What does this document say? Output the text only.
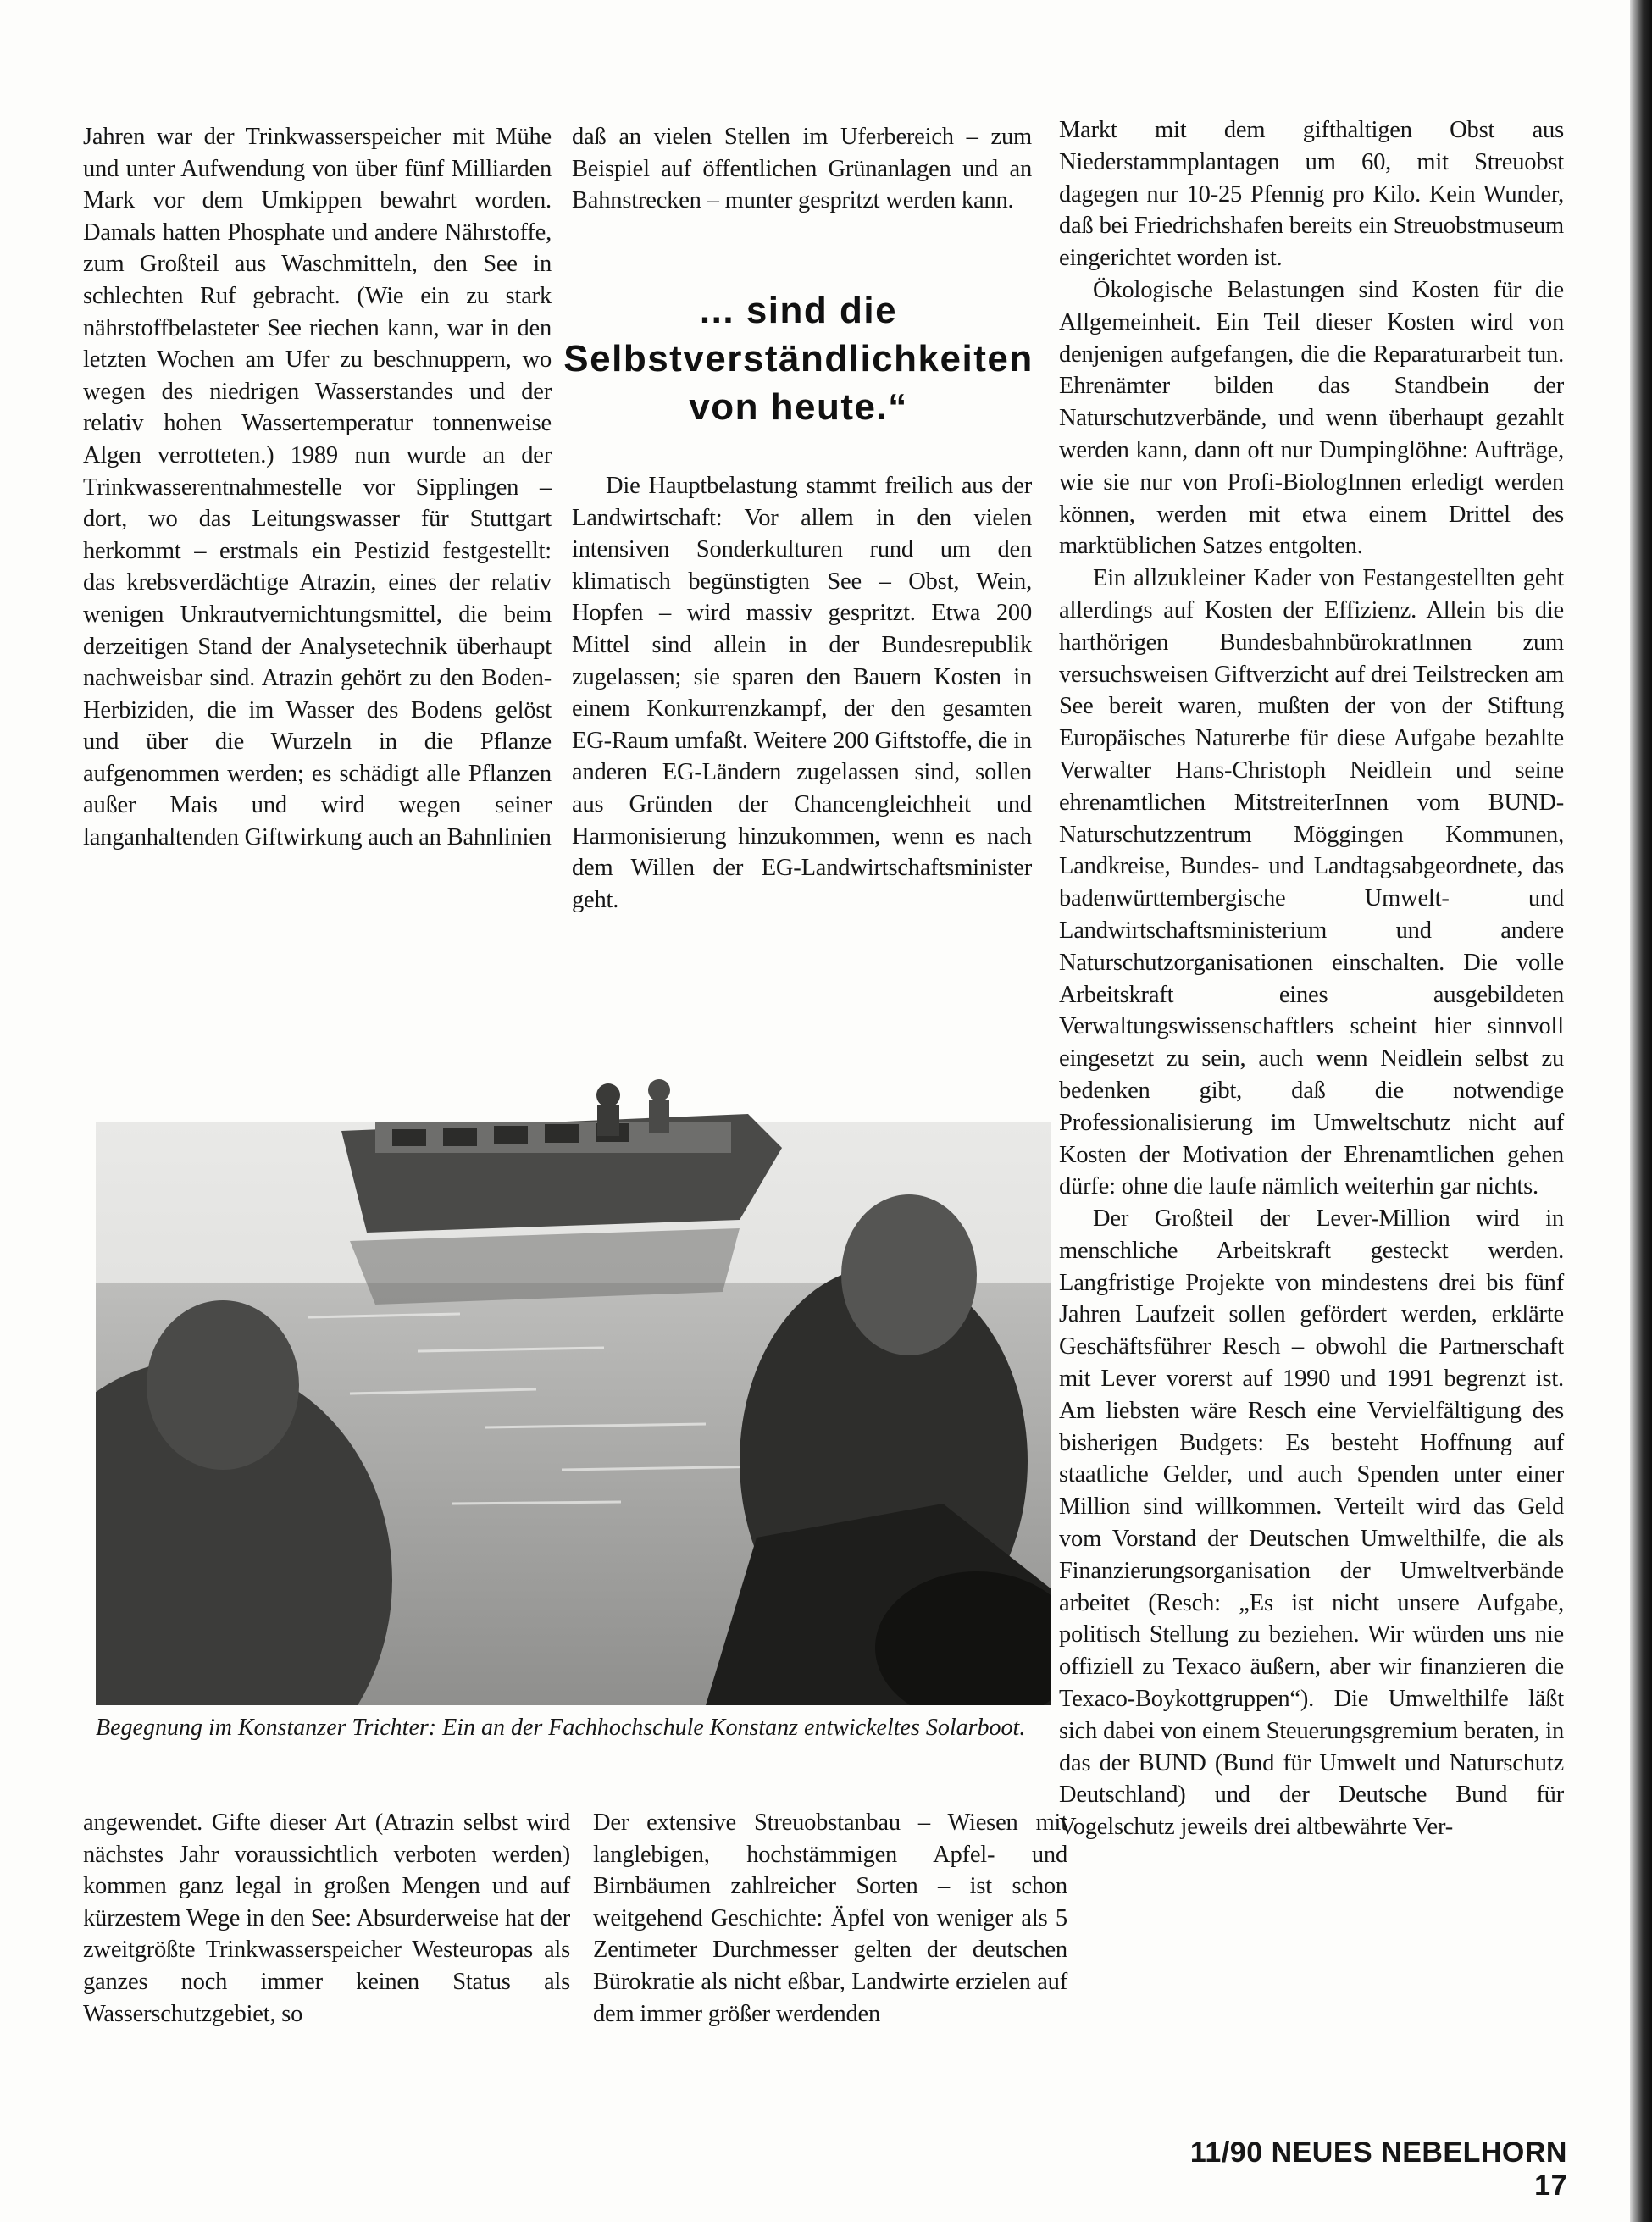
Jahren war der Trinkwasserspeicher mit Mühe und unter Aufwendung von über fünf Milliarden Mark vor dem Umkippen bewahrt worden. Damals hatten Phosphate und andere Nährstoffe, zum Großteil aus Waschmitteln, den See in schlechten Ruf gebracht. (Wie ein zu stark nährstoffbelasteter See riechen kann, war in den letzten Wochen am Ufer zu beschnuppern, wo wegen des niedrigen Wasserstandes und der relativ hohen Wassertemperatur tonnenweise Algen verrotteten.) 1989 nun wurde an der Trinkwasserentnahmestelle vor Sipplingen – dort, wo das Leitungswasser für Stuttgart herkommt – erstmals ein Pestizid festgestellt: das krebsverdächtige Atrazin, eines der relativ wenigen Unkrautvernichtungsmittel, die beim derzeitigen Stand der Analysetechnik überhaupt nachweisbar sind. Atrazin gehört zu den Boden-Herbiziden, die im Wasser des Bodens gelöst und über die Wurzeln in die Pflanze aufgenommen werden; es schädigt alle Pflanzen außer Mais und wird wegen seiner langanhaltenden Giftwirkung auch an Bahnlinien

daß an vielen Stellen im Uferbereich – zum Beispiel auf öffentlichen Grünanlagen und an Bahnstrecken – munter gespritzt werden kann.

... sind die Selbstverständlichkeiten von heute.“

Die Hauptbelastung stammt freilich aus der Landwirtschaft: Vor allem in den vielen intensiven Sonderkulturen rund um den klimatisch begünstigten See – Obst, Wein, Hopfen – wird massiv gespritzt. Etwa 200 Mittel sind allein in der Bundesrepublik zugelassen; sie sparen den Bauern Kosten in einem Konkurrenzkampf, der den gesamten EG-Raum umfaßt. Weitere 200 Giftstoffe, die in anderen EG-Ländern zugelassen sind, sollen aus Gründen der Chancengleichheit und Harmonisierung hinzukommen, wenn es nach dem Willen der EG-Landwirtschaftsminister geht.

Markt mit dem gifthaltigen Obst aus Niederstammplantagen um 60, mit Streuobst dagegen nur 10-25 Pfennig pro Kilo. Kein Wunder, daß bei Friedrichshafen bereits ein Streuobstmuseum eingerichtet worden ist.

Ökologische Belastungen sind Kosten für die Allgemeinheit. Ein Teil dieser Kosten wird von denjenigen aufgefangen, die die Reparaturarbeit tun. Ehrenämter bilden das Standbein der Naturschutzverbände, und wenn überhaupt gezahlt werden kann, dann oft nur Dumpinglöhne: Aufträge, wie sie nur von Profi-BiologInnen erledigt werden können, werden mit etwa einem Drittel des marktüblichen Satzes entgolten.

Ein allzukleiner Kader von Festangestellten geht allerdings auf Kosten der Effizienz. Allein bis die harthörigen BundesbahnbürokratInnen zum versuchsweisen Giftverzicht auf drei Teilstrecken am See bereit waren, mußten der von der Stiftung Europäisches Naturerbe für diese Aufgabe bezahlte Verwalter Hans-Christoph Neidlein und seine ehrenamtlichen MitstreiterInnen vom BUND-Naturschutzzentrum Möggingen Kommunen, Landkreise, Bundes- und Landtagsabgeordnete, das badenwürttembergische Umwelt- und Landwirtschaftsministerium und andere Naturschutzorganisationen einschalten. Die volle Arbeitskraft eines ausgebildeten Verwaltungswissenschaftlers scheint hier sinnvoll eingesetzt zu sein, auch wenn Neidlein selbst zu bedenken gibt, daß die notwendige Professionalisierung im Umweltschutz nicht auf Kosten der Motivation der Ehrenamtlichen gehen dürfe: ohne die laufe nämlich weiterhin gar nichts.

Der Großteil der Lever-Million wird in menschliche Arbeitskraft gesteckt werden. Langfristige Projekte von mindestens drei bis fünf Jahren Laufzeit sollen gefördert werden, erklärte Geschäftsführer Resch – obwohl die Partnerschaft mit Lever vorerst auf 1990 und 1991 begrenzt ist. Am liebsten wäre Resch eine Vervielfältigung des bisherigen Budgets: Es besteht Hoffnung auf staatliche Gelder, und auch Spenden unter einer Million sind willkommen. Verteilt wird das Geld vom Vorstand der Deutschen Umwelthilfe, die als Finanzierungsorganisation der Umweltverbände arbeitet (Resch: „Es ist nicht unsere Aufgabe, politisch Stellung zu beziehen. Wir würden uns nie offiziell zu Texaco äußern, aber wir finanzieren die Texaco-Boykottgruppen“). Die Umwelthilfe läßt sich dabei von einem Steuerungsgremium beraten, in das der BUND (Bund für Umwelt und Naturschutz Deutschland) und der Deutsche Bund für Vogelschutz jeweils drei altbewährte Ver-

Begegnung im Konstanzer Trichter: Ein an der Fachhochschule Konstanz entwickeltes Solarboot.

angewendet. Gifte dieser Art (Atrazin selbst wird nächstes Jahr voraussichtlich verboten werden) kommen ganz legal in großen Mengen und auf kürzestem Wege in den See: Absurderweise hat der zweitgrößte Trinkwasserspeicher Westeuropas als ganzes noch immer keinen Status als Wasserschutzgebiet, so

Der extensive Streuobstanbau – Wiesen mit langlebigen, hochstämmigen Apfel- und Birnbäumen zahlreicher Sorten – ist schon weitgehend Geschichte: Äpfel von weniger als 5 Zentimeter Durchmesser gelten der deutschen Bürokratie als nicht eßbar, Landwirte erzielen auf dem immer größer werdenden

11/90 NEUES NEBELHORN 17
